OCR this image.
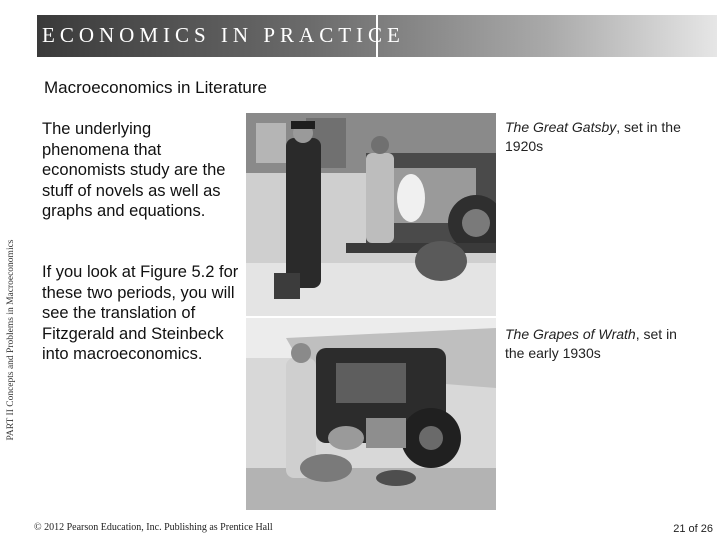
ECONOMICS IN PRACTICE
Macroeconomics in Literature
PART II Concepts and Problems in Macroeconomics
The underlying phenomena that economists study are the stuff of novels as well as graphs and equations.
If you look at Figure 5.2 for these two periods, you will see the translation of Fitzgerald and Steinbeck into macroeconomics.
The Great Gatsby, set in the 1920s
The Grapes of Wrath, set in the early 1930s
© 2012 Pearson Education, Inc. Publishing as Prentice Hall	21 of 26
